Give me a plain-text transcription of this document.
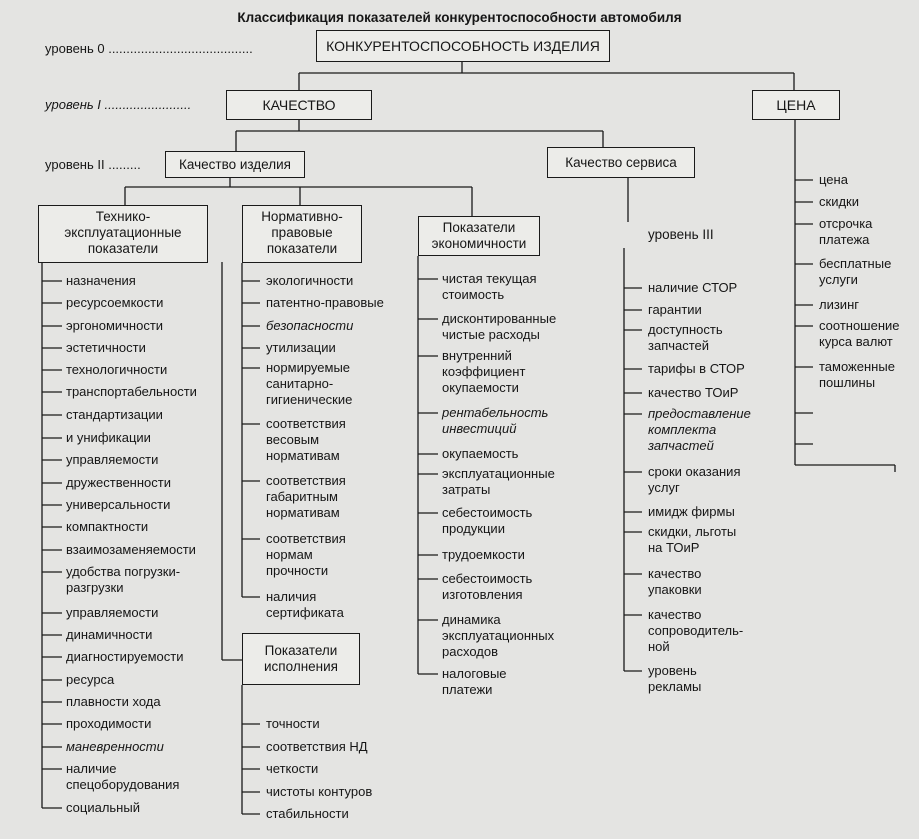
Классификация показателей конкурентоспособности автомобиля
уровень 0 ........................................
уровень I ........................
уровень II .........
уровень III
КОНКУРЕНТОСПОСОБНОСТЬ ИЗДЕЛИЯ
КАЧЕСТВО	ЦЕНА
Качество изделия	Качество сервиса
Технико-
эксплуатационные
показатели
Нормативно-
правовые
показатели
Показатели
экономичности
Показатели
исполнения
назначения
ресурсоемкости
эргономичности
эстетичности
технологичности
транспортабельности
стандартизации
и унификации
управляемости
дружественности
универсальности
компактности
взаимозаменяемости
удобства погрузки-
разгрузки
управляемости
динамичности
диагностируемости
ресурса
плавности хода
проходимости
маневренности
наличие
спецоборудования
социальный
экологичности
патентно-правовые
безопасности
утилизации
нормируемые
санитарно-
гигиенические
соответствия
весовым
нормативам
соответствия
габаритным
нормативам
соответствия
нормам
прочности
наличия
сертификата
точности
соответствия НД
четкости
чистоты контуров
стабильности
чистая текущая
стоимость
дисконтированные
чистые расходы
внутренний
коэффициент
окупаемости
рентабельность
инвестиций
окупаемость
эксплуатационные
затраты
себестоимость
продукции
трудоемкости
себестоимость
изготовления
динамика
эксплуатационных
расходов
налоговые
платежи
наличие СТОР
гарантии
доступность
запчастей
тарифы в СТОР
качество ТОиР
предоставление
комплекта
запчастей
сроки оказания
услуг
имидж фирмы
скидки, льготы
на ТОиР
качество
упаковки
качество
сопроводитель-
ной
уровень
рекламы
цена
скидки
отсрочка
платежа
бесплатные
услуги
лизинг
соотношение
курса валют
таможенные
пошлины
